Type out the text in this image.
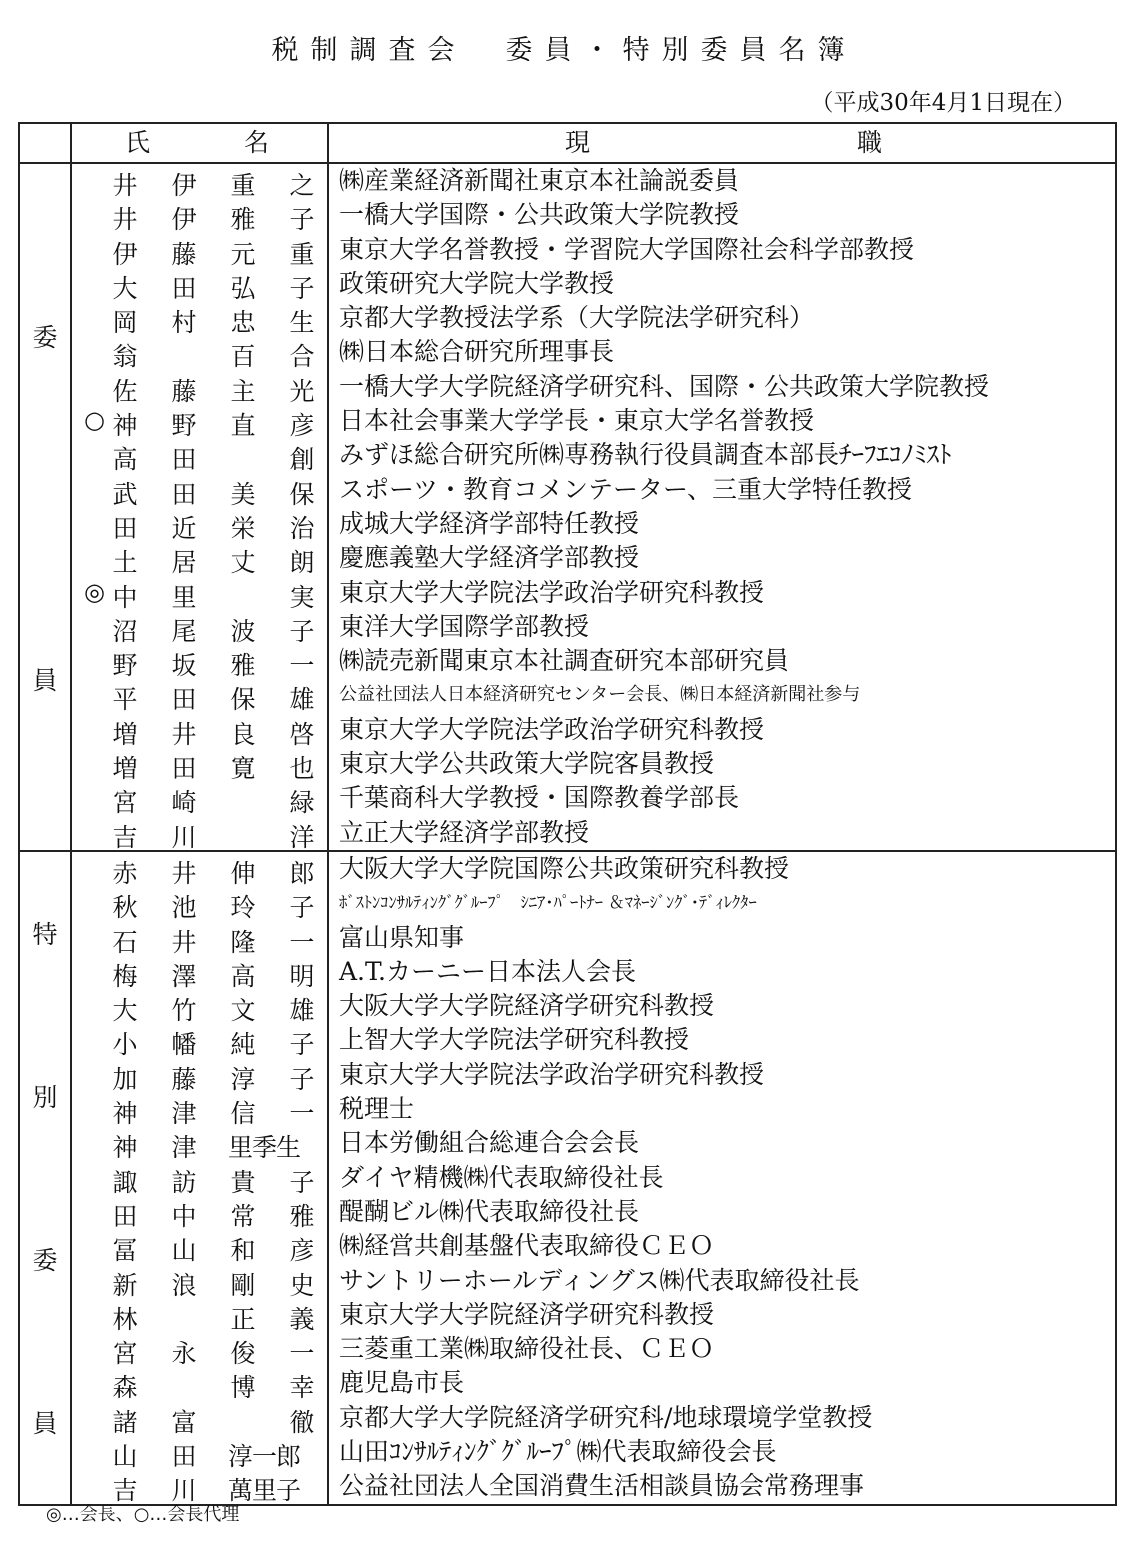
税制調査会　委員・特別委員名簿
（平成30年4月1日現在）

	氏 名	現 職

委
員	井 伊 重 之	㈱産業経済新聞社東京本社論説委員

	井 伊 雅 子	一橋大学国際・公共政策大学院教授

	伊 藤 元 重	東京大学名誉教授・学習院大学国際社会科学部教授

	大 田 弘 子	政策研究大学院大学教授

	岡 村 忠 生	京都大学教授法学系（大学院法学研究科）

	翁 百 合	㈱日本総合研究所理事長

	佐 藤 主 光	一橋大学大学院経済学研究科、国際・公共政策大学院教授

	○ 神 野 直 彦	日本社会事業大学学長・東京大学名誉教授

	高 田 創	みずほ総合研究所㈱専務執行役員調査本部長ﾁｰﾌｴｺﾉﾐｽﾄ

	武 田 美 保	スポーツ・教育コメンテーター、三重大学特任教授

	田 近 栄 治	成城大学経済学部特任教授

	土 居 丈 朗	慶應義塾大学経済学部教授

	◎ 中 里 実	東京大学大学院法学政治学研究科教授

	沼 尾 波 子	東洋大学国際学部教授

	野 坂 雅 一	㈱読売新聞東京本社調査研究本部研究員

	平 田 保 雄	公益社団法人日本経済研究センター会長、㈱日本経済新聞社参与

	増 井 良 啓	東京大学大学院法学政治学研究科教授

	増 田 寛 也	東京大学公共政策大学院客員教授

	宮 崎 緑	千葉商科大学教授・国際教養学部長

	吉 川 洋	立正大学経済学部教授

特
別
委
員	赤 井 伸 郎	大阪大学大学院国際公共政策研究科教授

	秋 池 玲 子	ﾎﾞｽﾄﾝｺﾝｻﾙﾃｨﾝｸﾞｸﾞﾙｰﾌﾟ　ｼﾆｱ･ﾊﾟｰﾄﾅｰ ＆ﾏﾈｰｼﾞﾝｸﾞ･ﾃﾞｨﾚｸﾀｰ

	石 井 隆 一	富山県知事

	梅 澤 高 明	A.T.カーニー日本法人会長

	大 竹 文 雄	大阪大学大学院経済学研究科教授

	小 幡 純 子	上智大学大学院法学研究科教授

	加 藤 淳 子	東京大学大学院法学政治学研究科教授

	神 津 信 一	税理士

	神 津 里季生	日本労働組合総連合会会長

	諏 訪 貴 子	ダイヤ精機㈱代表取締役社長

	田 中 常 雅	醍醐ビル㈱代表取締役社長

	冨 山 和 彦	㈱経営共創基盤代表取締役ＣＥＯ

	新 浪 剛 史	サントリーホールディングス㈱代表取締役社長

	林 正 義	東京大学大学院経済学研究科教授

	宮 永 俊 一	三菱重工業㈱取締役社長、ＣＥＯ

	森 博 幸	鹿児島市長

	諸 富 徹	京都大学大学院経済学研究科/地球環境学堂教授

	山 田 淳一郎	山田ｺﾝｻﾙﾃｨﾝｸﾞｸﾞﾙｰﾌﾟ㈱代表取締役会長

	吉 川 萬里子	公益社団法人全国消費生活相談員協会常務理事
◎…会長、○…会長代理
